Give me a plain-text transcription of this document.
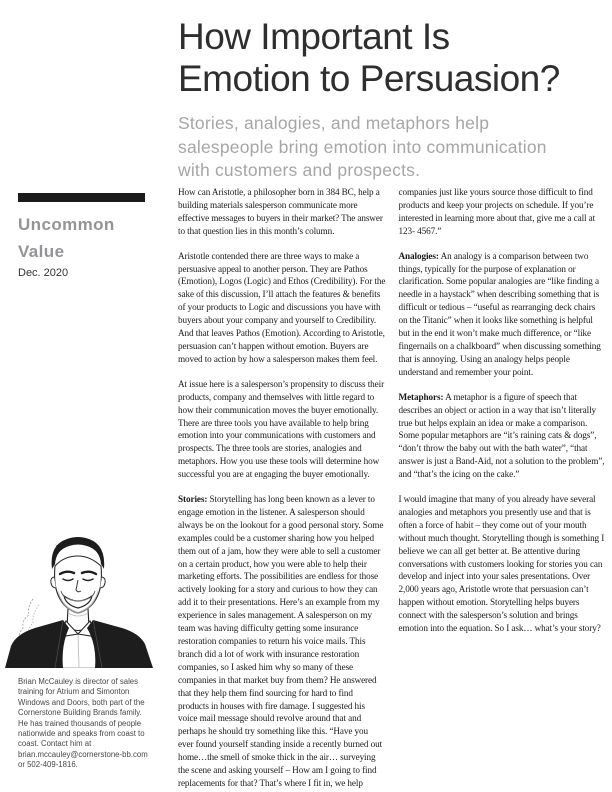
How Important Is
Emotion to Persuasion?
Stories, analogies, and metaphors help salespeople bring emotion into communication with customers and prospects.
Uncommon
Value
Dec. 2020
Brian McCauley is director of sales training for Atrium and Simonton Windows and Doors, both part of the Cornerstone Building Brands family. He has trained thousands of people nationwide and speaks from coast to coast. Contact him at brian.mccauley@cornerstone-bb.com or 502-409-1816.

How can Aristotle, a philosopher born in 384 BC, help a building materials salesperson communicate more effective messages to buyers in their market? The answer to that question lies in this month’s column.

Aristotle contended there are three ways to make a persuasive appeal to another person. They are Pathos (Emotion), Logos (Logic) and Ethos (Credibility). For the sake of this discussion, I’ll attach the features & benefits of your products to Logic and discussions you have with buyers about your company and yourself to Credibility. And that leaves Pathos (Emotion). According to Aristotle, persuasion can’t happen without emotion. Buyers are moved to action by how a salesperson makes them feel.

At issue here is a salesperson’s propensity to discuss their products, company and themselves with little regard to how their communication moves the buyer emotionally. There are three tools you have available to help bring emotion into your communications with customers and prospects. The three tools are stories, analogies and metaphors. How you use these tools will determine how successful you are at engaging the buyer emotionally.

Stories: Storytelling has long been known as a lever to engage emotion in the listener. A salesperson should always be on the lookout for a good personal story. Some examples could be a customer sharing how you helped them out of a jam, how they were able to sell a customer on a certain product, how you were able to help their marketing efforts. The possibilities are endless for those actively looking for a story and curious to how they can add it to their presentations. Here’s an example from my experience in sales management. A salesperson on my team was having difficulty getting some insurance restoration companies to return his voice mails. This branch did a lot of work with insurance restoration companies, so I asked him why so many of these companies in that market buy from them? He answered that they help them find sourcing for hard to find products in houses with fire damage. I suggested his voice mail message should revolve around that and perhaps he should try something like this. “Have you ever found yourself standing inside a recently burned out home…the smell of smoke thick in the air… surveying the scene and asking yourself – How am I going to find replacements for that? That’s where I fit in, we help companies just like yours source those difficult to find products and keep your projects on schedule. If you’re interested in learning more about that, give me a call at 123- 4567.”

Analogies: An analogy is a comparison between two things, typically for the purpose of explanation or clarification. Some popular analogies are “like finding a needle in a haystack” when describing something that is difficult or tedious – “useful as rearranging deck chairs on the Titanic” when it looks like something is helpful but in the end it won’t make much difference, or “like fingernails on a chalkboard” when discussing something that is annoying. Using an analogy helps people understand and remember your point.

Metaphors: A metaphor is a figure of speech that describes an object or action in a way that isn’t literally true but helps explain an idea or make a comparison. Some popular metaphors are “it’s raining cats & dogs”, “don’t throw the baby out with the bath water”, “that answer is just a Band-Aid, not a solution to the problem”, and “that’s the icing on the cake.”

I would imagine that many of you already have several analogies and metaphors you presently use and that is often a force of habit – they come out of your mouth without much thought. Storytelling though is something I believe we can all get better at. Be attentive during conversations with customers looking for stories you can develop and inject into your sales presentations. Over 2,000 years ago, Aristotle wrote that persuasion can’t happen without emotion. Storytelling helps buyers connect with the salesperson’s solution and brings emotion into the equation. So I ask… what’s your story?
